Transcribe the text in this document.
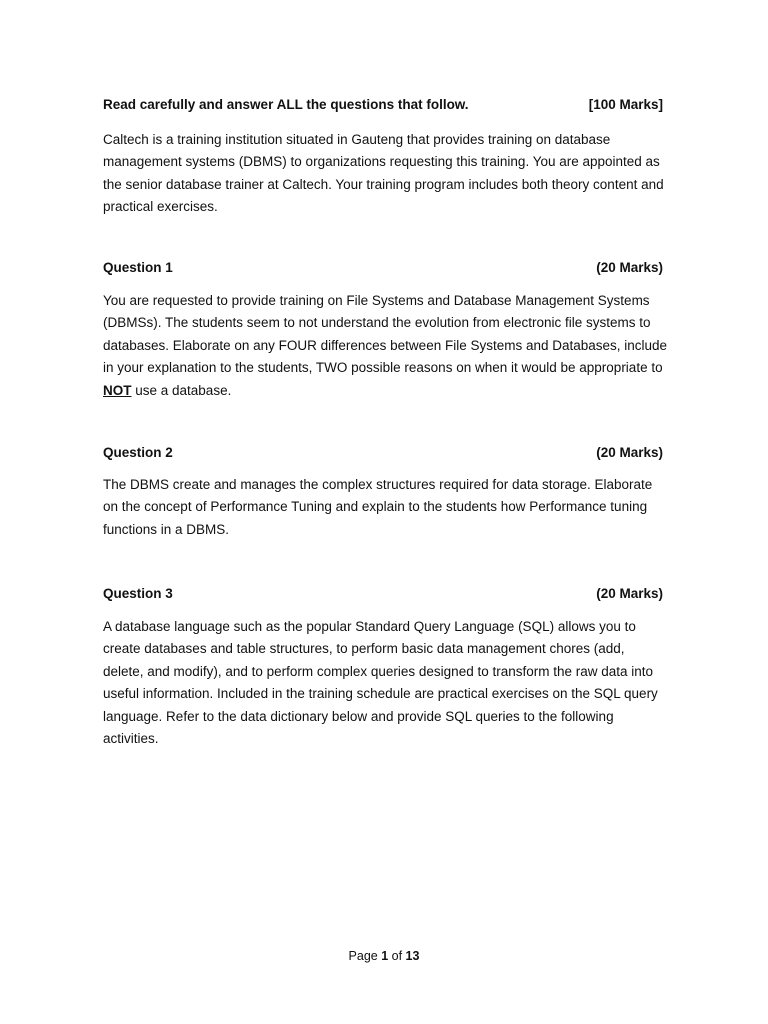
Read carefully and answer ALL the questions that follow.	[100 Marks]

Caltech is a training institution situated in Gauteng that provides training on database management systems (DBMS) to organizations requesting this training. You are appointed as the senior database trainer at Caltech. Your training program includes both theory content and practical exercises.

Question 1	(20 Marks)

You are requested to provide training on File Systems and Database Management Systems (DBMSs). The students seem to not understand the evolution from electronic file systems to databases. Elaborate on any FOUR differences between File Systems and Databases, include in your explanation to the students, TWO possible reasons on when it would be appropriate to NOT use a database.

Question 2	(20 Marks)

The DBMS create and manages the complex structures required for data storage. Elaborate on the concept of Performance Tuning and explain to the students how Performance tuning functions in a DBMS.

Question 3	(20 Marks)

A database language such as the popular Standard Query Language (SQL) allows you to create databases and table structures, to perform basic data management chores (add, delete, and modify), and to perform complex queries designed to transform the raw data into useful information. Included in the training schedule are practical exercises on the SQL query language. Refer to the data dictionary below and provide SQL queries to the following activities.

Page 1 of 13
